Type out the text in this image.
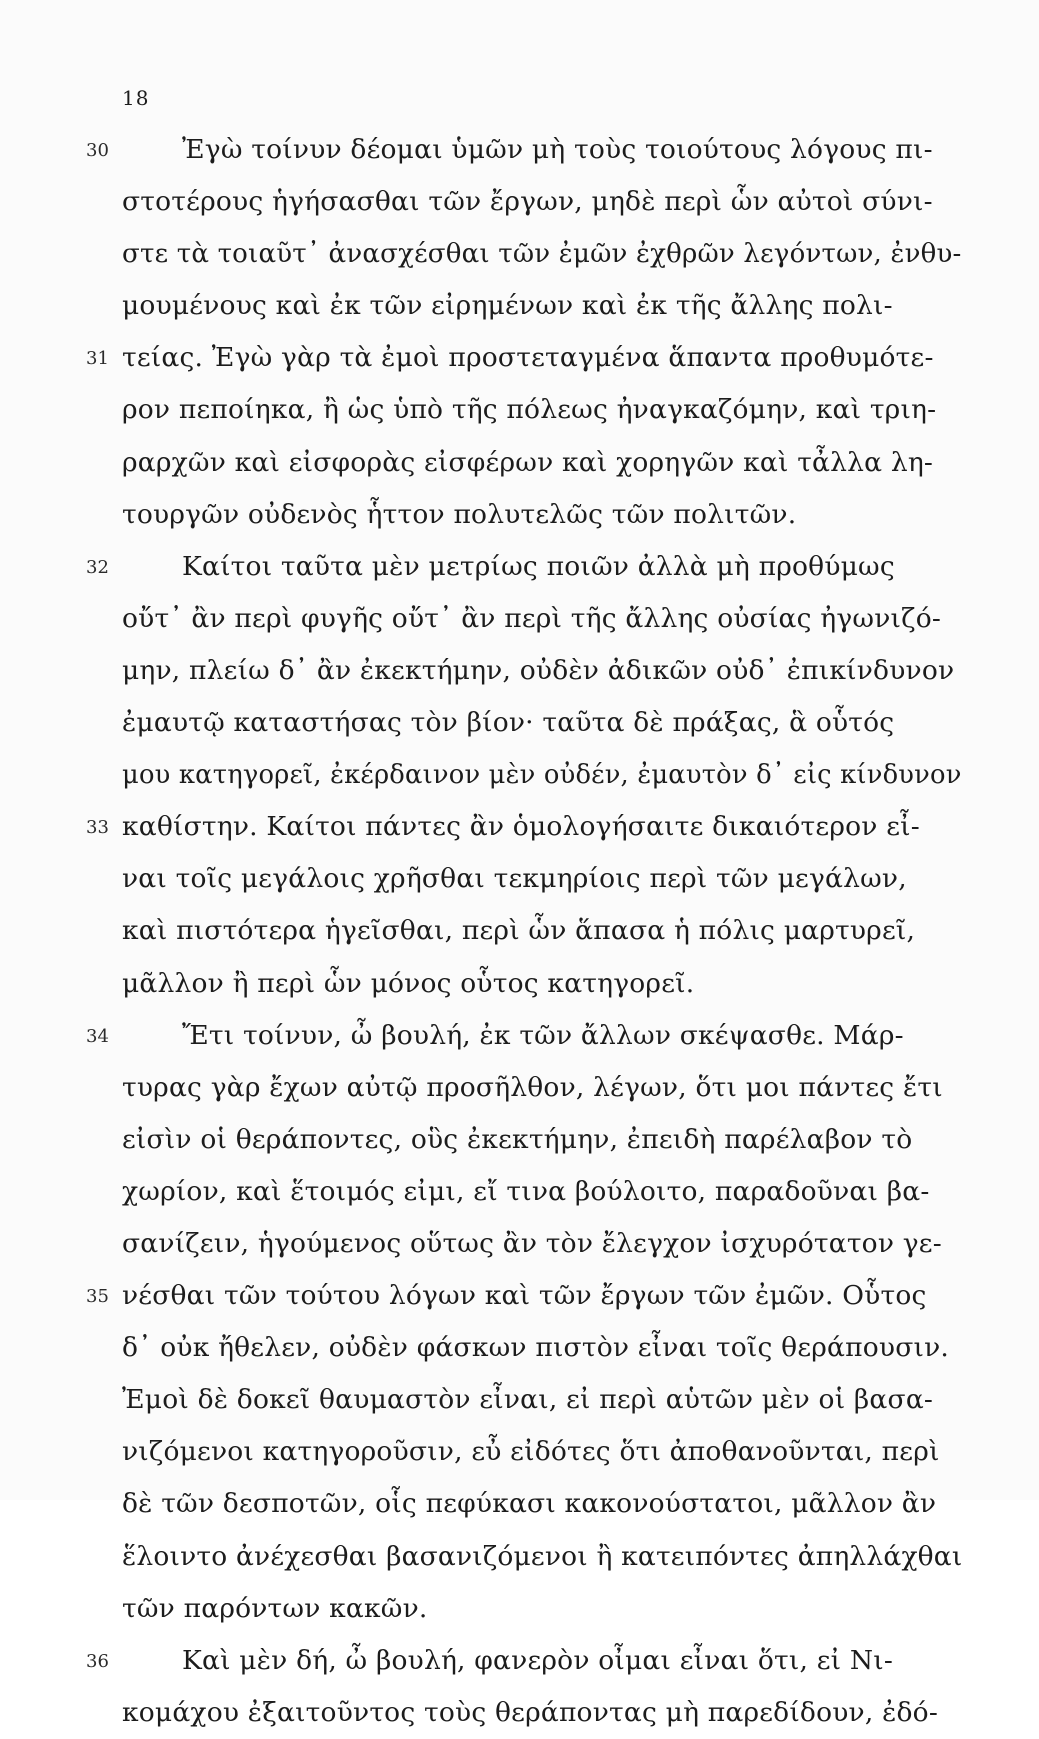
18
30	Ἐγὼ τοίνυν δέομαι ὑμῶν μὴ τοὺς τοιούτους λόγους πι-
στοτέρους ἡγήσασθαι τῶν ἔργων, μηδὲ περὶ ὧν αὐτοὶ σύνι-
στε τὰ τοιαῦτ᾿ ἀνασχέσθαι τῶν ἐμῶν ἐχθρῶν λεγόντων, ἐνθυ-
μουμένους καὶ ἐκ τῶν εἰρημένων καὶ ἐκ τῆς ἄλλης πολι-
31 τείας. Ἐγὼ γὰρ τὰ ἐμοὶ προστεταγμένα ἅπαντα προθυμότε-
ρον πεποίηκα, ἢ ὡς ὑπὸ τῆς πόλεως ἠναγκαζόμην, καὶ τριη-
ραρχῶν καὶ εἰσφορὰς εἰσφέρων καὶ χορηγῶν καὶ τἆλλα λη-
τουργῶν οὐδενὸς ἧττον πολυτελῶς τῶν πολιτῶν.
32	Καίτοι ταῦτα μὲν μετρίως ποιῶν ἀλλὰ μὴ προθύμως
οὔτ᾿ ἂν περὶ φυγῆς οὔτ᾿ ἂν περὶ τῆς ἄλλης οὐσίας ἠγωνιζό-
μην, πλείω δ᾿ ἂν ἐκεκτήμην, οὐδὲν ἀδικῶν οὐδ᾿ ἐπικίνδυνον
ἐμαυτῷ καταστήσας τὸν βίον· ταῦτα δὲ πράξας, ἃ οὗτός
μου κατηγορεῖ, ἐκέρδαινον μὲν οὐδέν, ἐμαυτὸν δ᾿ εἰς κίνδυνον
33 καθίστην. Καίτοι πάντες ἂν ὁμολογήσαιτε δικαιότερον εἶ-
ναι τοῖς μεγάλοις χρῆσθαι τεκμηρίοις περὶ τῶν μεγάλων,
καὶ πιστότερα ἡγεῖσθαι, περὶ ὧν ἅπασα ἡ πόλις μαρτυρεῖ,
μᾶλλον ἢ περὶ ὧν μόνος οὗτος κατηγορεῖ.
34	Ἔτι τοίνυν, ὦ βουλή, ἐκ τῶν ἄλλων σκέψασθε. Μάρ-
τυρας γὰρ ἔχων αὐτῷ προσῆλθον, λέγων, ὅτι μοι πάντες ἔτι
εἰσὶν οἱ θεράποντες, οὓς ἐκεκτήμην, ἐπειδὴ παρέλαβον τὸ
χωρίον, καὶ ἕτοιμός εἰμι, εἴ τινα βούλοιτο, παραδοῦναι βα-
σανίζειν, ἡγούμενος οὕτως ἂν τὸν ἔλεγχον ἰσχυρότατον γε-
35 νέσθαι τῶν τούτου λόγων καὶ τῶν ἔργων τῶν ἐμῶν. Οὗτος
δ᾿ οὐκ ἤθελεν, οὐδὲν φάσκων πιστὸν εἶναι τοῖς θεράπουσιν.
Ἐμοὶ δὲ δοκεῖ θαυμαστὸν εἶναι, εἰ περὶ αὑτῶν μὲν οἱ βασα-
νιζόμενοι κατηγοροῦσιν, εὖ εἰδότες ὅτι ἀποθανοῦνται, περὶ
δὲ τῶν δεσποτῶν, οἷς πεφύκασι κακονούστατοι, μᾶλλον ἂν
ἕλοιντο ἀνέχεσθαι βασανιζόμενοι ἢ κατειπόντες ἀπηλλάχθαι
τῶν παρόντων κακῶν.
36	Καὶ μὲν δή, ὦ βουλή, φανερὸν οἶμαι εἶναι ὅτι, εἰ Νι-
κομάχου ἐξαιτοῦντος τοὺς θεράποντας μὴ παρεδίδουν, ἐδό-
